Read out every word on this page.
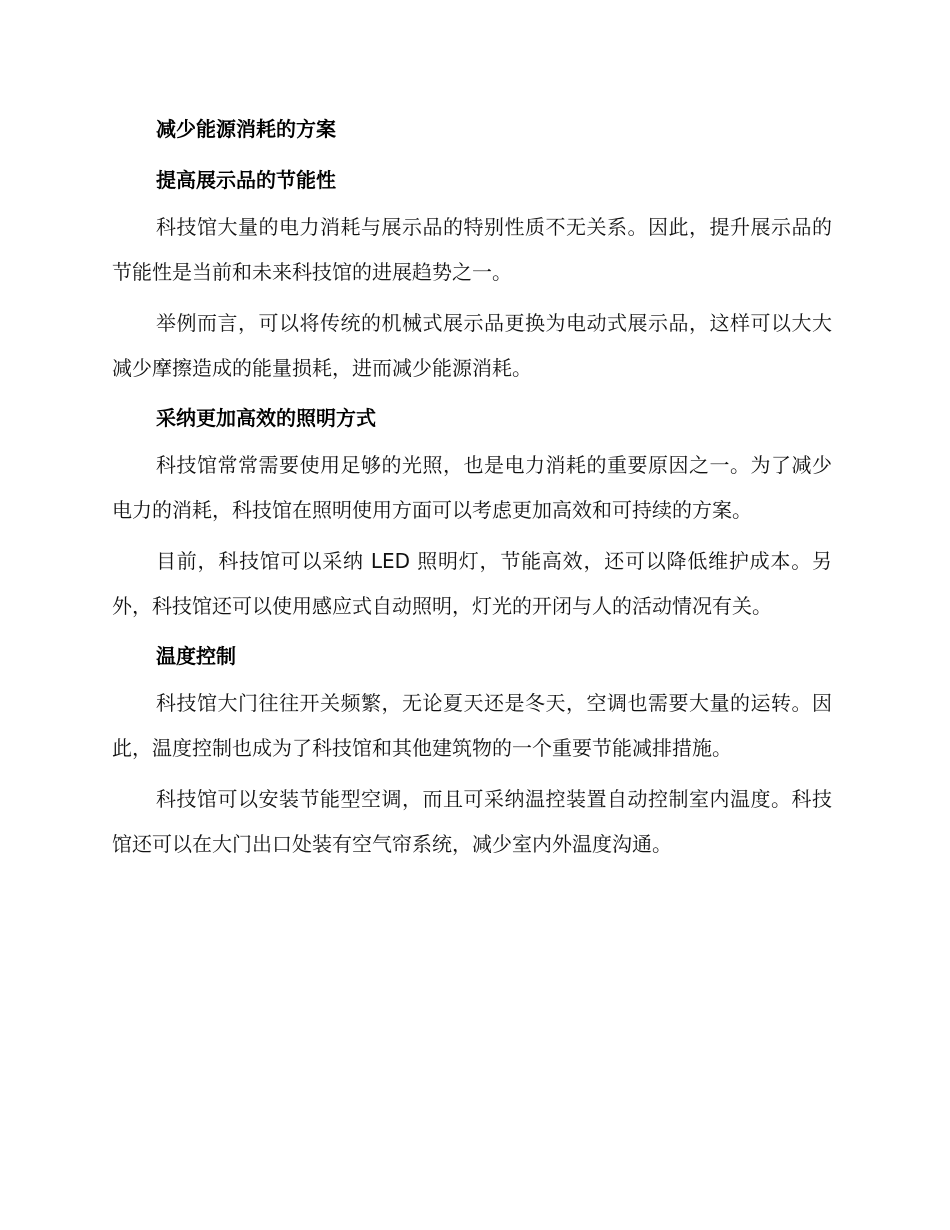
减少能源消耗的方案
提高展示品的节能性

科技馆大量的电力消耗与展示品的特别性质不无关系。因此，提升展示品的节能性是当前和未来科技馆的进展趋势之一。

举例而言，可以将传统的机械式展示品更换为电动式展示品，这样可以大大减少摩擦造成的能量损耗，进而减少能源消耗。

采纳更加高效的照明方式

科技馆常常需要使用足够的光照，也是电力消耗的重要原因之一。为了减少电力的消耗，科技馆在照明使用方面可以考虑更加高效和可持续的方案。

目前，科技馆可以采纳 LED 照明灯，节能高效，还可以降低维护成本。另外，科技馆还可以使用感应式自动照明，灯光的开闭与人的活动情况有关。

温度控制

科技馆大门往往开关频繁，无论夏天还是冬天，空调也需要大量的运转。因此，温度控制也成为了科技馆和其他建筑物的一个重要节能减排措施。

科技馆可以安装节能型空调，而且可采纳温控装置自动控制室内温度。科技馆还可以在大门出口处装有空气帘系统，减少室内外温度沟通。
